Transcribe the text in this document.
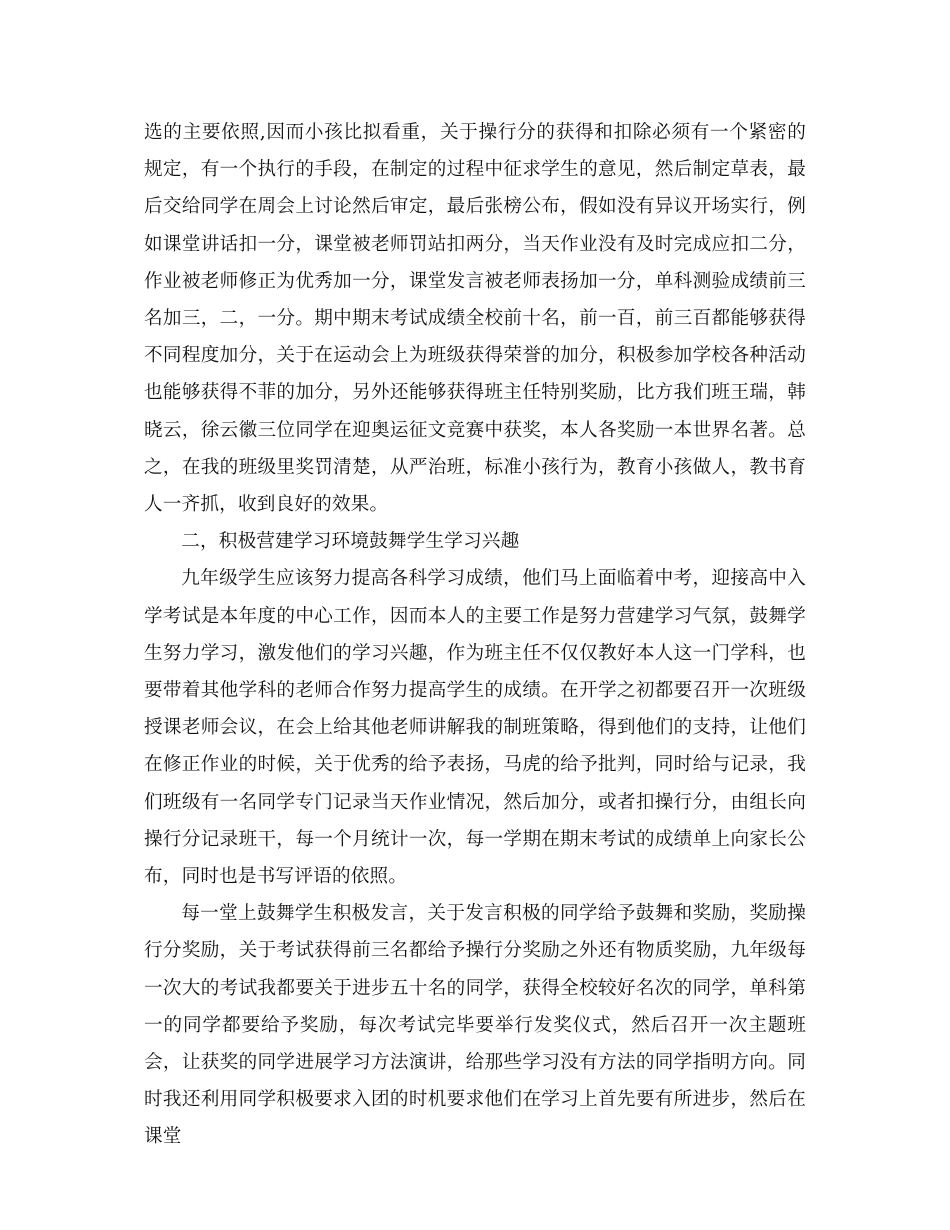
选的主要依照,因而小孩比拟看重，关于操行分的获得和扣除必须有一个紧密的规定，有一个执行的手段，在制定的过程中征求学生的意见，然后制定草表，最后交给同学在周会上讨论然后审定，最后张榜公布，假如没有异议开场实行，例如课堂讲话扣一分，课堂被老师罚站扣两分，当天作业没有及时完成应扣二分，作业被老师修正为优秀加一分，课堂发言被老师表扬加一分，单科测验成绩前三名加三，二，一分。期中期末考试成绩全校前十名，前一百，前三百都能够获得不同程度加分，关于在运动会上为班级获得荣誉的加分，积极参加学校各种活动也能够获得不菲的加分，另外还能够获得班主任特别奖励，比方我们班王瑞，韩晓云，徐云徽三位同学在迎奥运征文竞赛中获奖，本人各奖励一本世界名著。总之，在我的班级里奖罚清楚，从严治班，标准小孩行为，教育小孩做人，教书育人一齐抓，收到良好的效果。

二，积极营建学习环境鼓舞学生学习兴趣

九年级学生应该努力提高各科学习成绩，他们马上面临着中考，迎接高中入学考试是本年度的中心工作，因而本人的主要工作是努力营建学习气氛，鼓舞学生努力学习，激发他们的学习兴趣，作为班主任不仅仅教好本人这一门学科，也要带着其他学科的老师合作努力提高学生的成绩。在开学之初都要召开一次班级授课老师会议，在会上给其他老师讲解我的制班策略，得到他们的支持，让他们在修正作业的时候，关于优秀的给予表扬，马虎的给予批判，同时给与记录，我们班级有一名同学专门记录当天作业情况，然后加分，或者扣操行分，由组长向操行分记录班干，每一个月统计一次，每一学期在期末考试的成绩单上向家长公布，同时也是书写评语的依照。

每一堂上鼓舞学生积极发言，关于发言积极的同学给予鼓舞和奖励，奖励操行分奖励，关于考试获得前三名都给予操行分奖励之外还有物质奖励，九年级每一次大的考试我都要关于进步五十名的同学，获得全校较好名次的同学，单科第一的同学都要给予奖励，每次考试完毕要举行发奖仪式，然后召开一次主题班会，让获奖的同学进展学习方法演讲，给那些学习没有方法的同学指明方向。同时我还利用同学积极要求入团的时机要求他们在学习上首先要有所进步，然后在课堂
